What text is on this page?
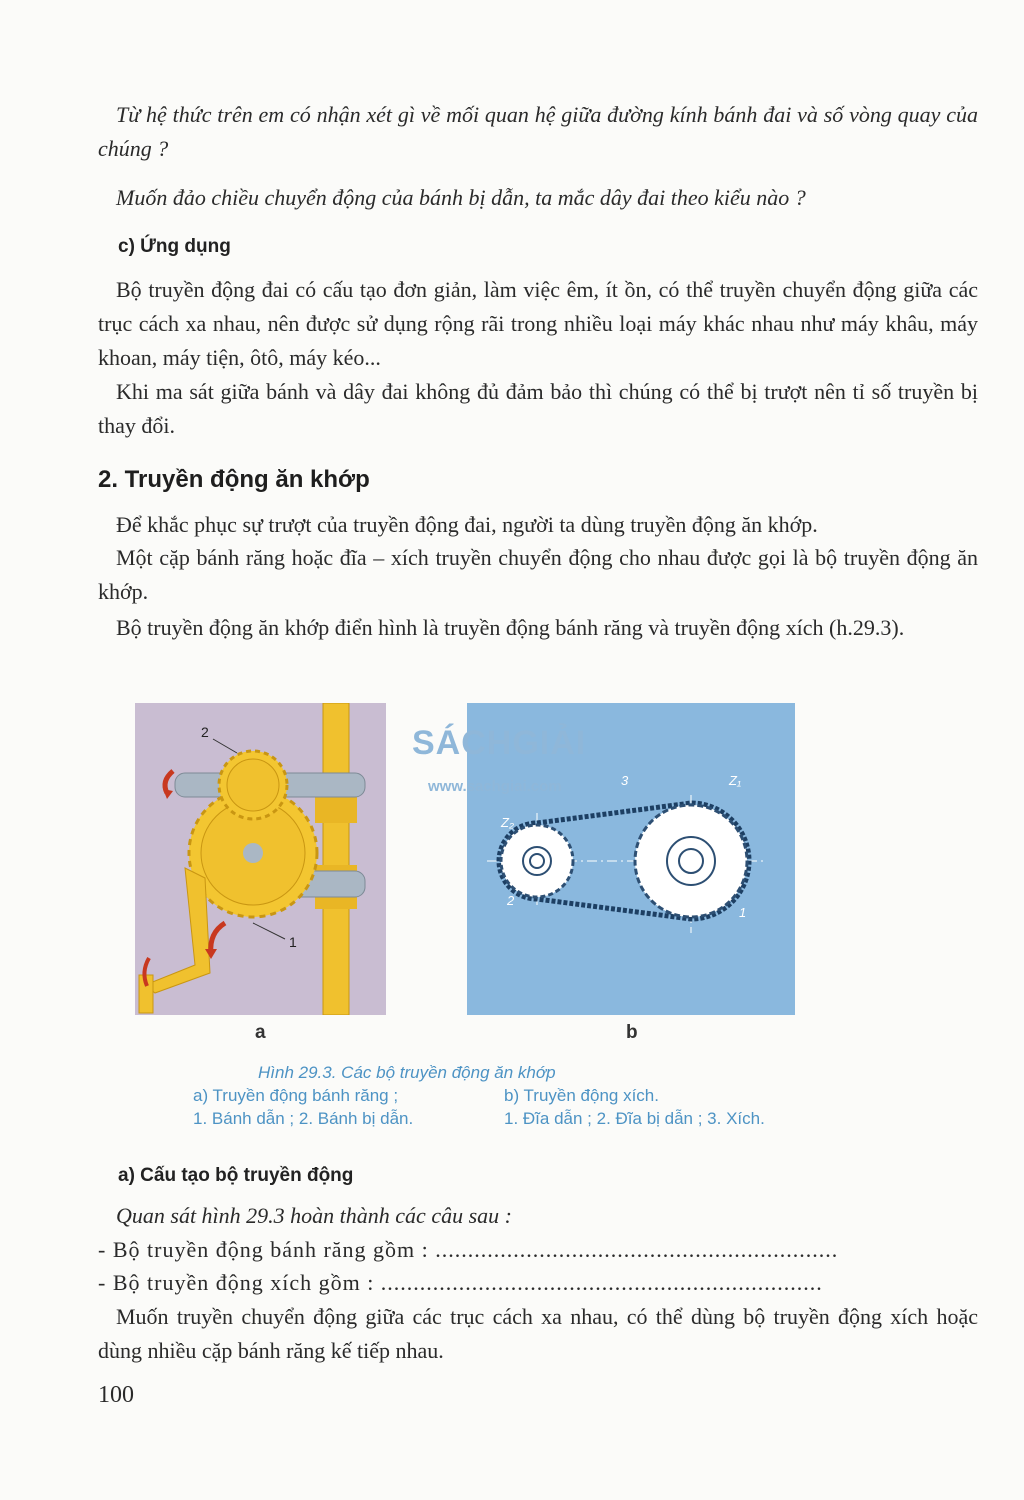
Từ hệ thức trên em có nhận xét gì về mối quan hệ giữa đường kính bánh đai và số vòng quay của chúng ?

Muốn đảo chiều chuyển động của bánh bị dẫn, ta mắc dây đai theo kiểu nào ?

c) Ứng dụng

Bộ truyền động đai có cấu tạo đơn giản, làm việc êm, ít ồn, có thể truyền chuyển động giữa các trục cách xa nhau, nên được sử dụng rộng rãi trong nhiều loại máy khác nhau như máy khâu, máy khoan, máy tiện, ôtô, máy kéo...

Khi ma sát giữa bánh và dây đai không đủ đảm bảo thì chúng có thể bị trượt nên tỉ số truyền bị thay đổi.

2. Truyền động ăn khớp

Để khắc phục sự trượt của truyền động đai, người ta dùng truyền động ăn khớp.

Một cặp bánh răng hoặc đĩa – xích truyền chuyển động cho nhau được gọi là bộ truyền động ăn khớp.

Bộ truyền động ăn khớp điển hình là truyền động bánh răng và truyền động xích (h.29.3).

2
1
a
Z₂
Z₁
3
2
1
b
SÁCHGIẢI
www.sachgiai.com
Hình 29.3. Các bộ truyền động ăn khớp
a) Truyền động bánh răng ;
1. Bánh dẫn ; 2. Bánh bị dẫn.
b) Truyền động xích.
1. Đĩa dẫn ; 2. Đĩa bị dẫn ; 3. Xích.
a) Cấu tạo bộ truyền động

Quan sát hình 29.3 hoàn thành các câu sau :

- Bộ truyền động bánh răng gồm : ..............................................................

- Bộ truyền động xích gồm : ....................................................................

Muốn truyền chuyển động giữa các trục cách xa nhau, có thể dùng bộ truyền động xích hoặc dùng nhiều cặp bánh răng kế tiếp nhau.

100
